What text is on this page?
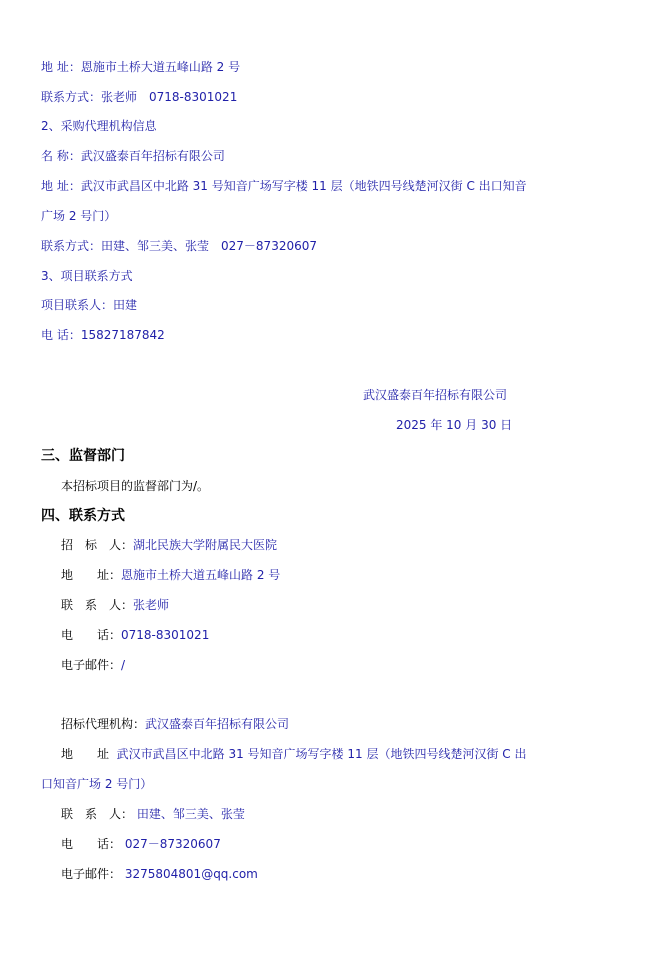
地 址：恩施市土桥大道五峰山路 2 号
联系方式：张老师　0718-8301021
2、采购代理机构信息
名 称：武汉盛泰百年招标有限公司
地 址：武汉市武昌区中北路 31 号知音广场写字楼 11 层（地铁四号线楚河汉街 C 出口知音
广场 2 号门）
联系方式：田建、邹三美、张莹　027－87320607
3、项目联系方式
项目联系人：田建
电 话：15827187842
武汉盛泰百年招标有限公司
2025 年 10 月 30 日
三、监督部门
本招标项目的监督部门为/。
四、联系方式
招　标　人：湖北民族大学附属民大医院
地　　址：恩施市土桥大道五峰山路 2 号
联　系　人：张老师
电　　话：0718-8301021
电子邮件：/
招标代理机构：武汉盛泰百年招标有限公司
地　　址 武汉市武昌区中北路 31 号知音广场写字楼 11 层（地铁四号线楚河汉街 C 出
口知音广场 2 号门）
联　系　人： 田建、邹三美、张莹
电　　话： 027－87320607
电子邮件： 3275804801@qq.com
